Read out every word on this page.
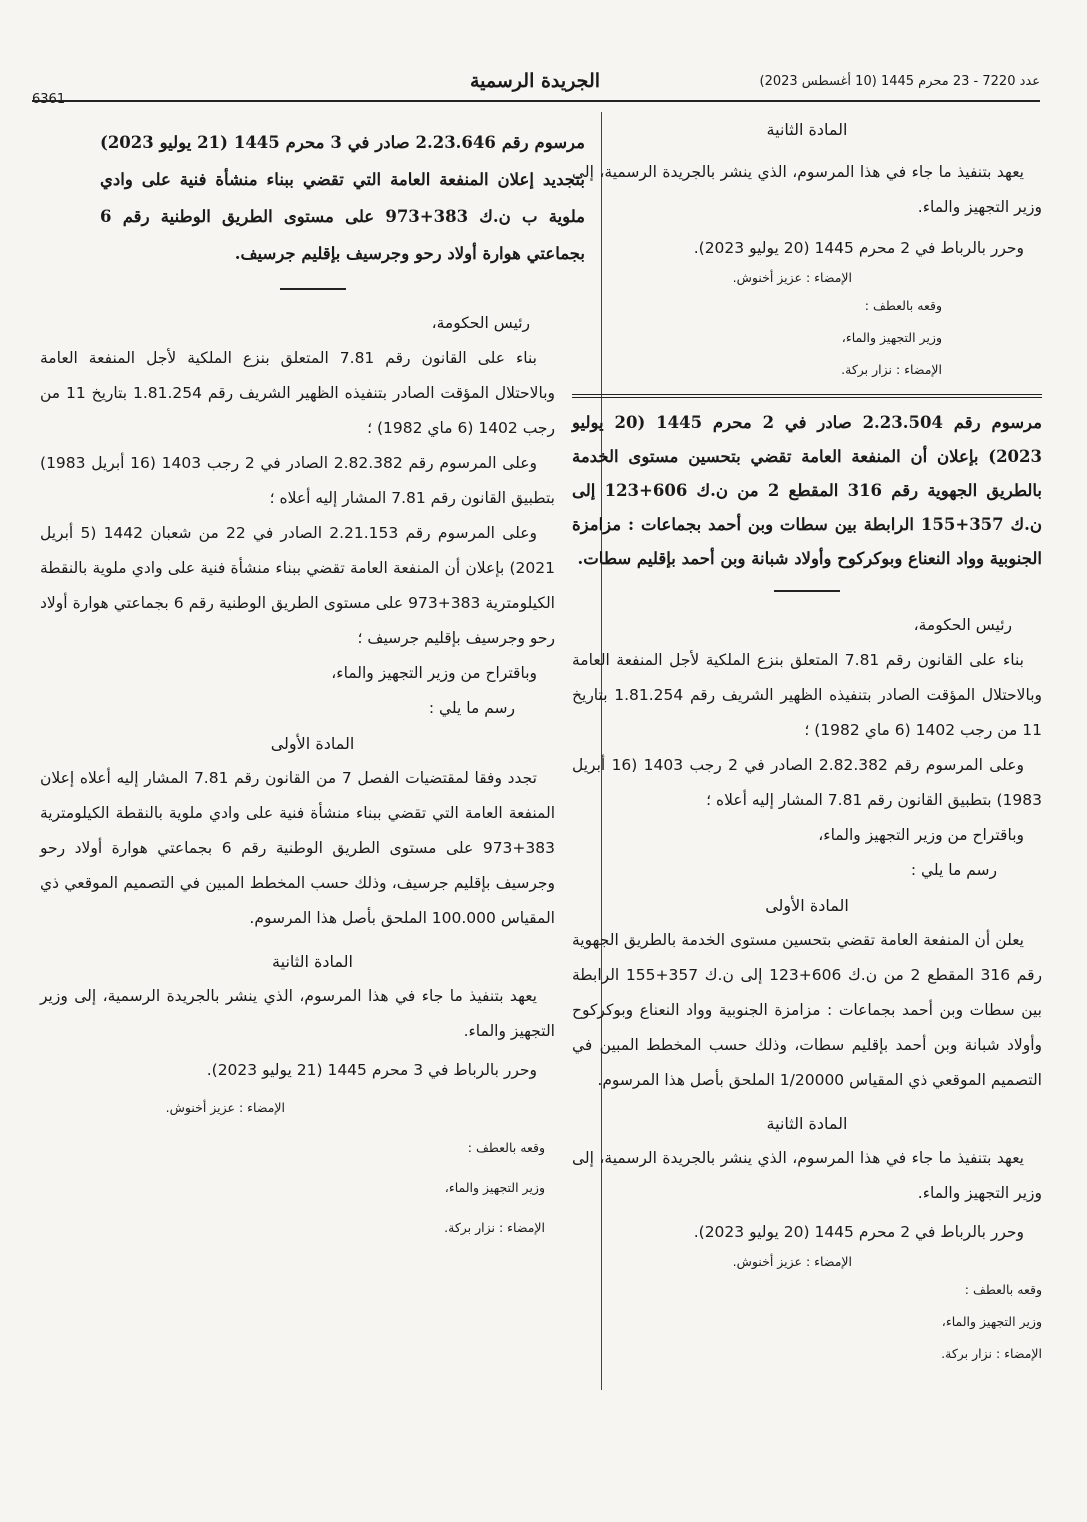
عدد 7220 - 23 محرم 1445 (10 أغسطس 2023)
الجريدة الرسمية
6361

المادة الثانية

يعهد بتنفيذ ما جاء في هذا المرسوم، الذي ينشر بالجريدة الرسمية، إلى وزير التجهيز والماء.

وحرر بالرباط في 2 محرم 1445 (20 يوليو 2023).

الإمضاء : عزيز أخنوش.

وقعه بالعطف :

وزير التجهيز والماء،

الإمضاء : نزار بركة.

مرسوم رقم 2.23.504 صادر في 2 محرم 1445 (20 يوليو 2023) بإعلان أن المنفعة العامة تقضي بتحسين مستوى الخدمة بالطريق الجهوية رقم 316 المقطع 2 من ن.ك 606+123 إلى ن.ك 357+155 الرابطة بين سطات وبن أحمد بجماعات : مزامزة الجنوبية وواد النعناع وبوكركوح وأولاد شبانة وبن أحمد بإقليم سطات.

رئيس الحكومة،

بناء على القانون رقم 7.81 المتعلق بنزع الملكية لأجل المنفعة العامة وبالاحتلال المؤقت الصادر بتنفيذه الظهير الشريف رقم 1.81.254 بتاريخ 11 من رجب 1402 (6 ماي 1982) ؛

وعلى المرسوم رقم 2.82.382 الصادر في 2 رجب 1403 (16 أبريل 1983) بتطبيق القانون رقم 7.81 المشار إليه أعلاه ؛

وباقتراح من وزير التجهيز والماء،

رسم ما يلي :

المادة الأولى

يعلن أن المنفعة العامة تقضي بتحسين مستوى الخدمة بالطريق الجهوية رقم 316 المقطع 2 من ن.ك 606+123 إلى ن.ك 357+155 الرابطة بين سطات وبن أحمد بجماعات : مزامزة الجنوبية وواد النعناع وبوكركوح وأولاد شبانة وبن أحمد بإقليم سطات، وذلك حسب المخطط المبين في التصميم الموقعي ذي المقياس 1/20000 الملحق بأصل هذا المرسوم.

المادة الثانية

يعهد بتنفيذ ما جاء في هذا المرسوم، الذي ينشر بالجريدة الرسمية، إلى وزير التجهيز والماء.

وحرر بالرباط في 2 محرم 1445 (20 يوليو 2023).

الإمضاء : عزيز أخنوش.

وقعه بالعطف :

وزير التجهيز والماء،

الإمضاء : نزار بركة.

مرسوم رقم 2.23.646 صادر في 3 محرم 1445 (21 يوليو 2023) بتجديد إعلان المنفعة العامة التي تقضي ببناء منشأة فنية على وادي ملوية ب ن.ك 383+973 على مستوى الطريق الوطنية رقم 6 بجماعتي هوارة أولاد رحو وجرسيف بإقليم جرسيف.

رئيس الحكومة،

بناء على القانون رقم 7.81 المتعلق بنزع الملكية لأجل المنفعة العامة وبالاحتلال المؤقت الصادر بتنفيذه الظهير الشريف رقم 1.81.254 بتاريخ 11 من رجب 1402 (6 ماي 1982) ؛

وعلى المرسوم رقم 2.82.382 الصادر في 2 رجب 1403 (16 أبريل 1983) بتطبيق القانون رقم 7.81 المشار إليه أعلاه ؛

وعلى المرسوم رقم 2.21.153 الصادر في 22 من شعبان 1442 (5 أبريل 2021) بإعلان أن المنفعة العامة تقضي ببناء منشأة فنية على وادي ملوية بالنقطة الكيلومترية 383+973 على مستوى الطريق الوطنية رقم 6 بجماعتي هوارة أولاد رحو وجرسيف بإقليم جرسيف ؛

وباقتراح من وزير التجهيز والماء،

رسم ما يلي :

المادة الأولى

تجدد وفقا لمقتضيات الفصل 7 من القانون رقم 7.81 المشار إليه أعلاه إعلان المنفعة العامة التي تقضي ببناء منشأة فنية على وادي ملوية بالنقطة الكيلومترية 383+973 على مستوى الطريق الوطنية رقم 6 بجماعتي هوارة أولاد رحو وجرسيف بإقليم جرسيف، وذلك حسب المخطط المبين في التصميم الموقعي ذي المقياس 100.000 الملحق بأصل هذا المرسوم.

المادة الثانية

يعهد بتنفيذ ما جاء في هذا المرسوم، الذي ينشر بالجريدة الرسمية، إلى وزير التجهيز والماء.

وحرر بالرباط في 3 محرم 1445 (21 يوليو 2023).

الإمضاء : عزيز أخنوش.

وقعه بالعطف :

وزير التجهيز والماء،

الإمضاء : نزار بركة.
